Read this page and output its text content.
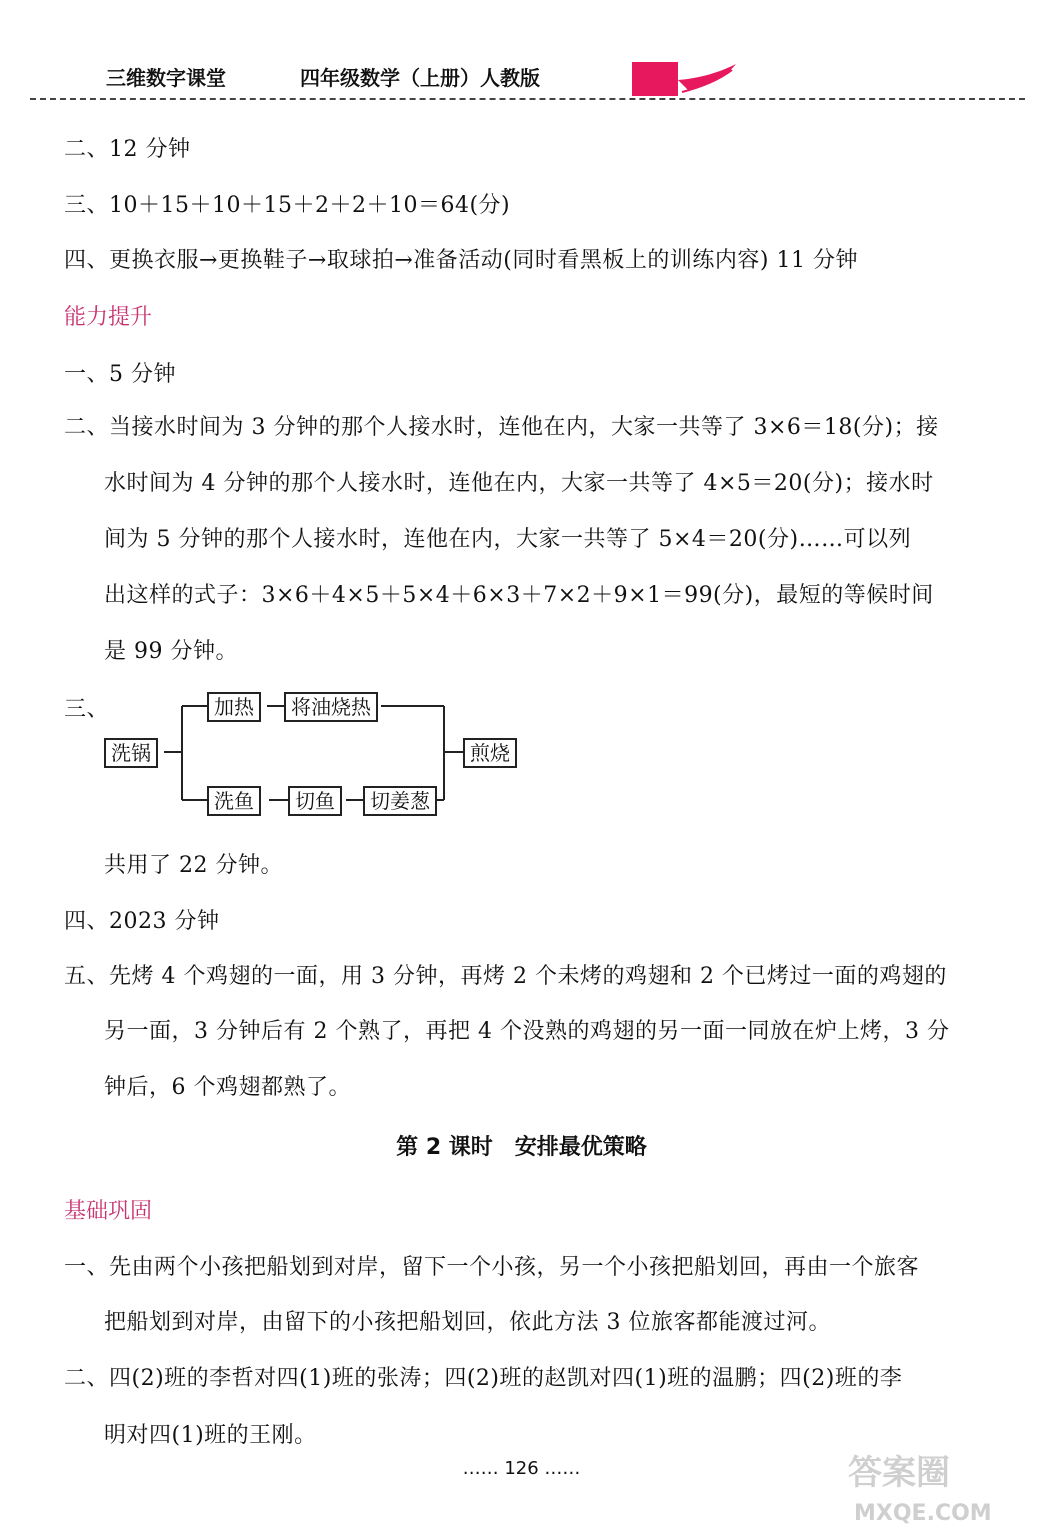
三维数字课堂	四年级数学（上册）人教版
二、12 分钟
三、10＋15＋10＋15＋2＋2＋10＝64(分)
四、更换衣服→更换鞋子→取球拍→准备活动(同时看黑板上的训练内容) 11 分钟
能力提升
一、5 分钟
二、当接水时间为 3 分钟的那个人接水时，连他在内，大家一共等了 3×6＝18(分)；接
水时间为 4 分钟的那个人接水时，连他在内，大家一共等了 4×5＝20(分)；接水时
间为 5 分钟的那个人接水时，连他在内，大家一共等了 5×4＝20(分)……可以列
出这样的式子：3×6＋4×5＋5×4＋6×3＋7×2＋9×1＝99(分)，最短的等候时间
是 99 分钟。
三、
洗锅
加热	将油烧热
煎烧
洗鱼	切鱼	切姜葱
共用了 22 分钟。
四、2023 分钟
五、先烤 4 个鸡翅的一面，用 3 分钟，再烤 2 个未烤的鸡翅和 2 个已烤过一面的鸡翅的
另一面，3 分钟后有 2 个熟了，再把 4 个没熟的鸡翅的另一面一同放在炉上烤，3 分
钟后，6 个鸡翅都熟了。
第 2 课时　安排最优策略
基础巩固
一、先由两个小孩把船划到对岸，留下一个小孩，另一个小孩把船划回，再由一个旅客
把船划到对岸，由留下的小孩把船划回，依此方法 3 位旅客都能渡过河。
二、四(2)班的李哲对四(1)班的张涛；四(2)班的赵凯对四(1)班的温鹏；四(2)班的李
明对四(1)班的王刚。
…… 126 ……	答案圈
MXQE.COM
